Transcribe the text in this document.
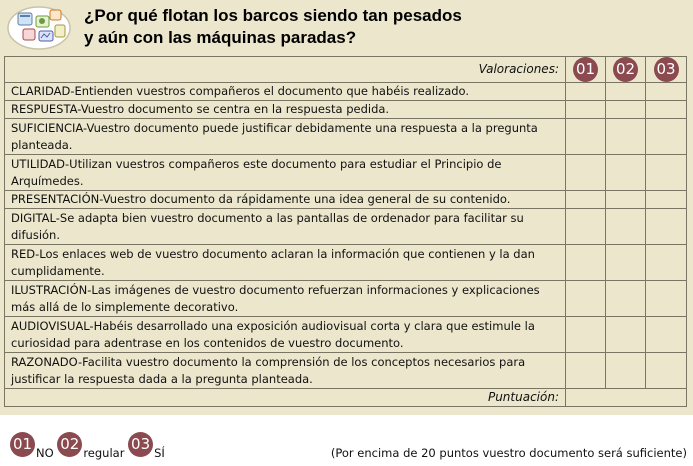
¿Por qué flotan los barcos siendo tan pesados
y aún con las máquinas paradas?
Valoraciones:	01	02	03

CLARIDAD-Entienden vuestros compañeros el documento que habéis realizado.			

RESPUESTA-Vuestro documento se centra en la respuesta pedida.			

SUFICIENCIA-Vuestro documento puede justificar debidamente una respuesta a la pregunta
planteada.			

UTILIDAD-Utilizan vuestros compañeros este documento para estudiar el Principio de
Arquímedes.			

PRESENTACIÓN-Vuestro documento da rápidamente una idea general de su contenido.			

DIGITAL-Se adapta bien vuestro documento a las pantallas de ordenador para facilitar su
difusión.			

RED-Los enlaces web de vuestro documento aclaran la información que contienen y la dan
cumplidamente.			

ILUSTRACIÓN-Las imágenes de vuestro documento refuerzan informaciones y explicaciones
más allá de lo simplemente decorativo.			

AUDIOVISUAL-Habéis desarrollado una exposición audiovisual corta y clara que estimule la
curiosidad para adentrase en los contenidos de vuestro documento.			

RAZONADO-Facilita vuestro documento la comprensión de los conceptos necesarios para
justificar la respuesta dada a la pregunta planteada.			

Puntuación:			
01 NO 02 regular 03 SÍ	(Por encima de 20 puntos vuestro documento será suficiente)
